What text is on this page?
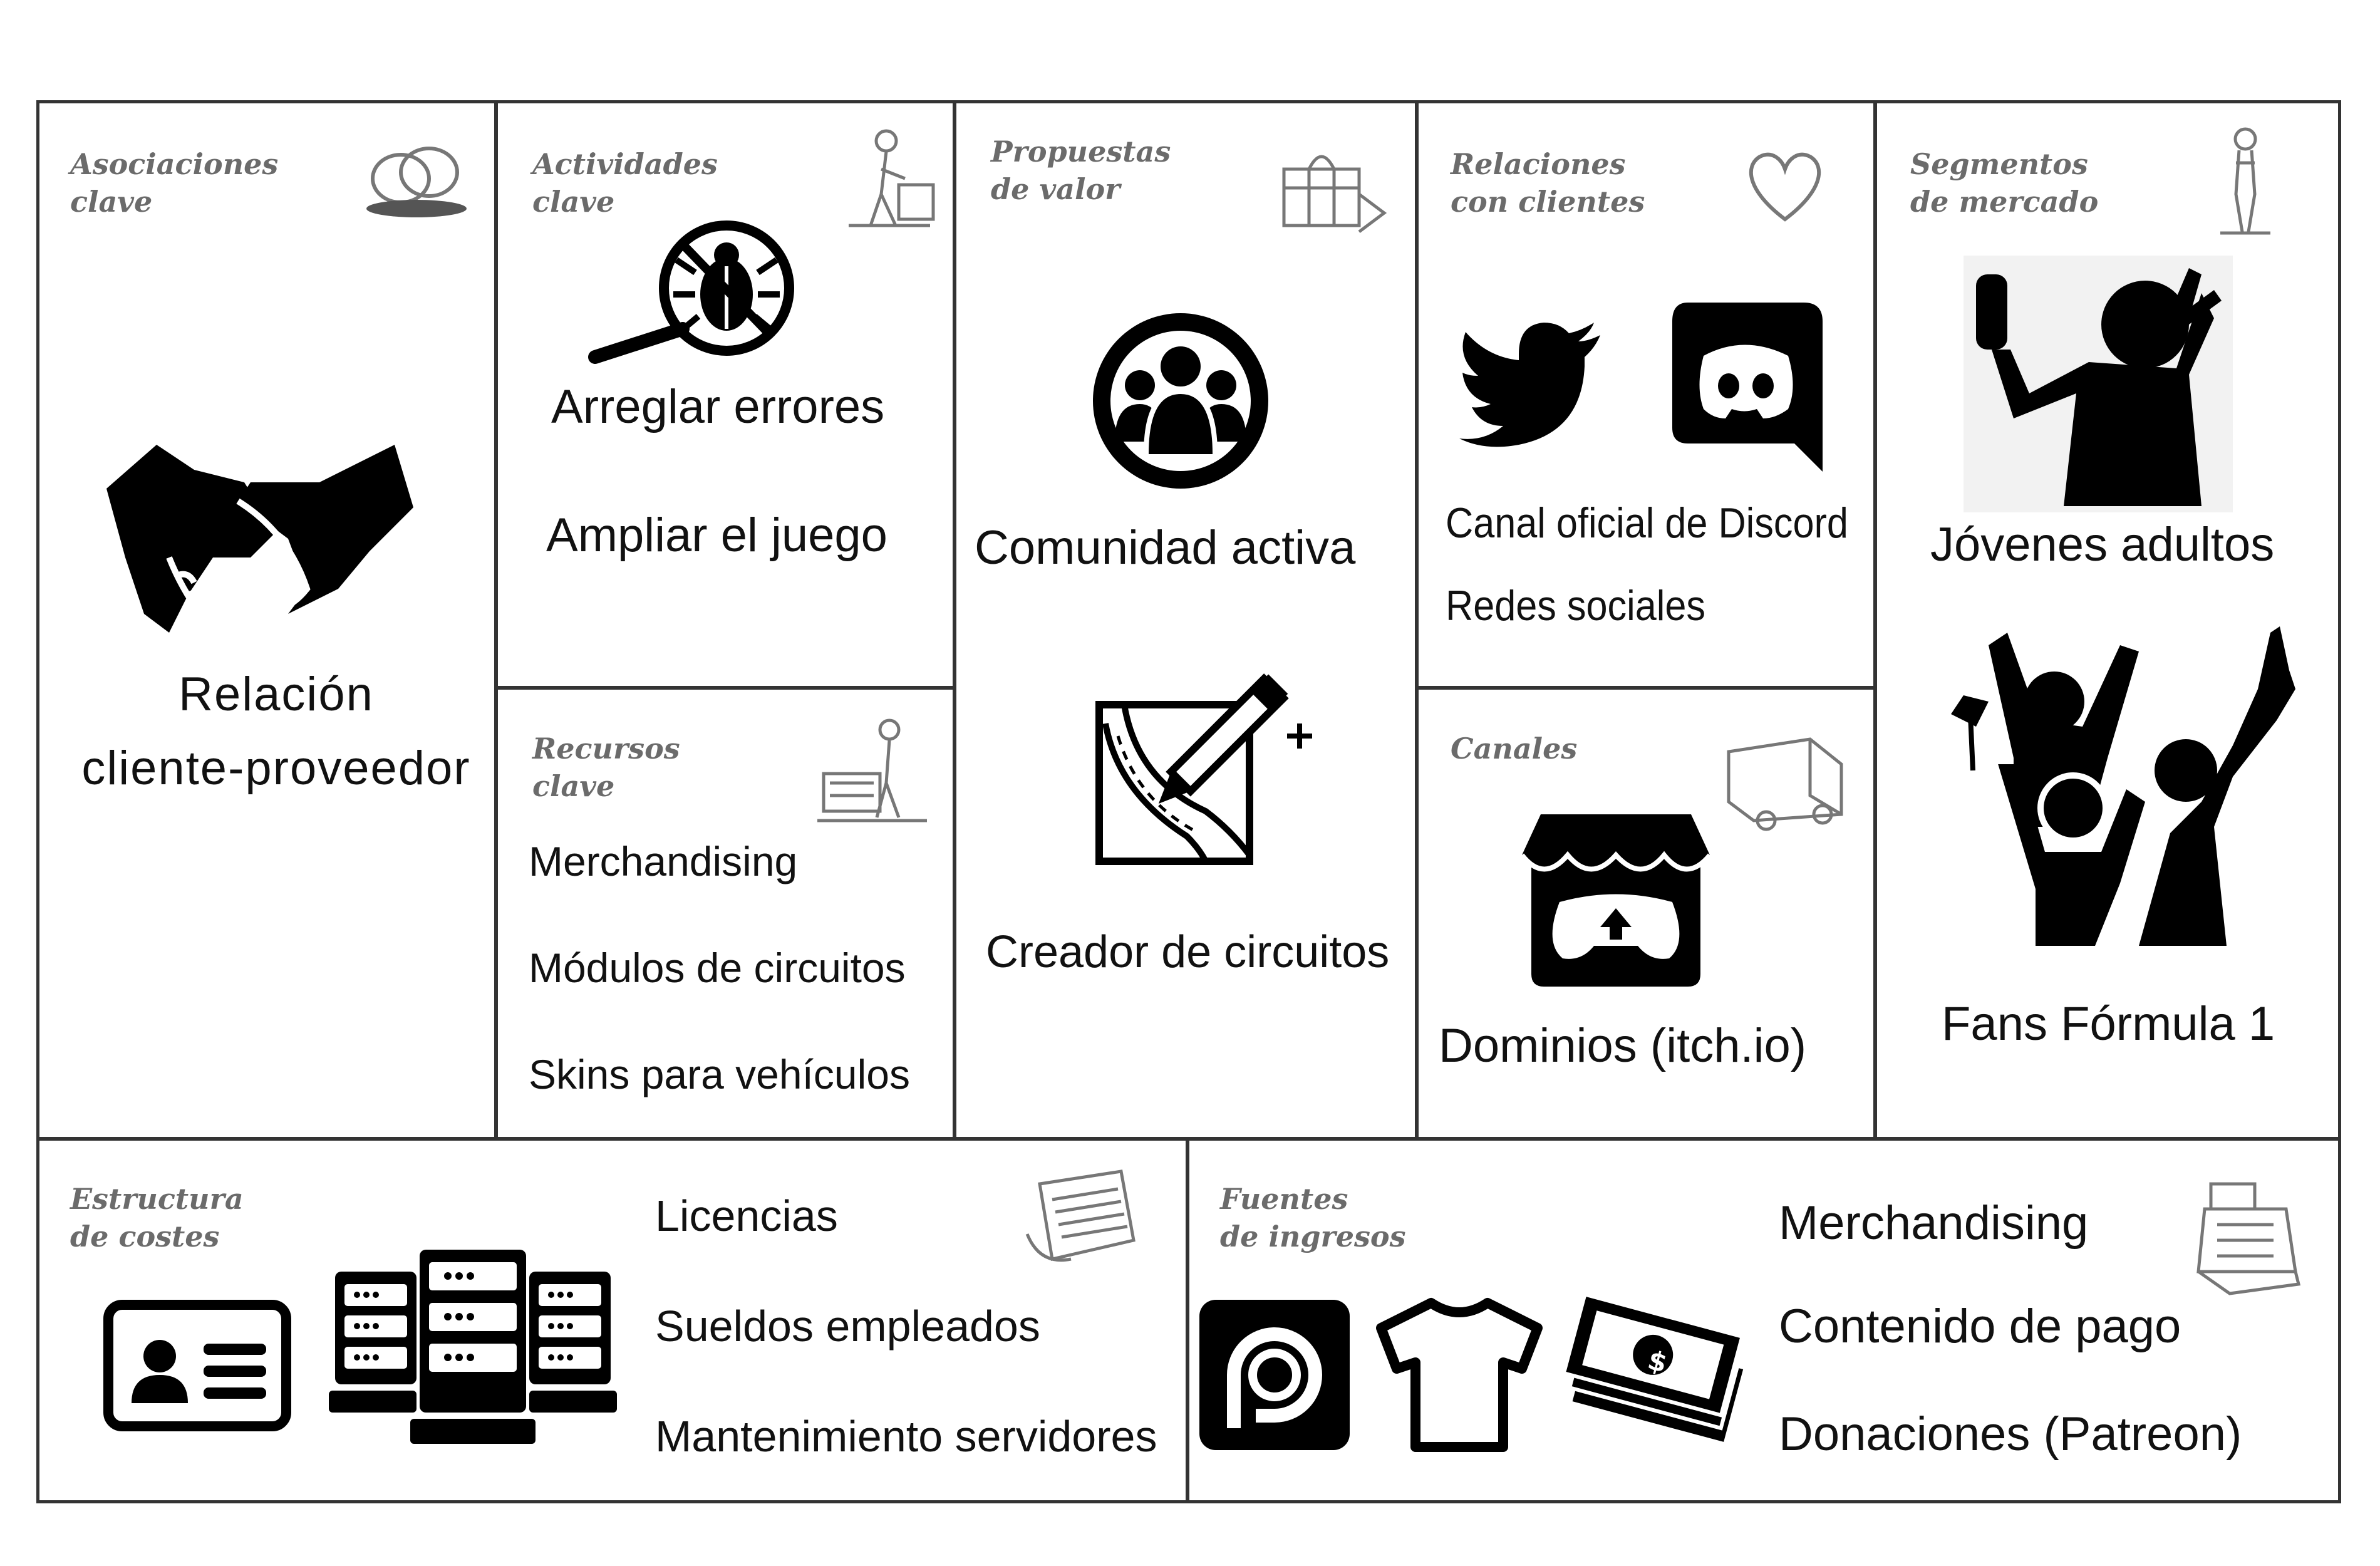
Asociaciones
clave
Actividades
clave
Recursos
clave
Propuestas
de valor
Relaciones
con clientes
Canales
Segmentos
de mercado
Estructura
de costes
Fuentes
de ingresos
$
Relación
cliente-proveedor
Arreglar errores
Ampliar el juego
Merchandising
Módulos de circuitos
Skins para vehículos
Comunidad activa
Creador de circuitos
Canal oficial de Discord
Redes sociales
Dominios (itch.io)
Jóvenes adultos
Fans Fórmula 1
Licencias
Sueldos empleados
Mantenimiento servidores
Merchandising
Contenido de pago
Donaciones (Patreon)
